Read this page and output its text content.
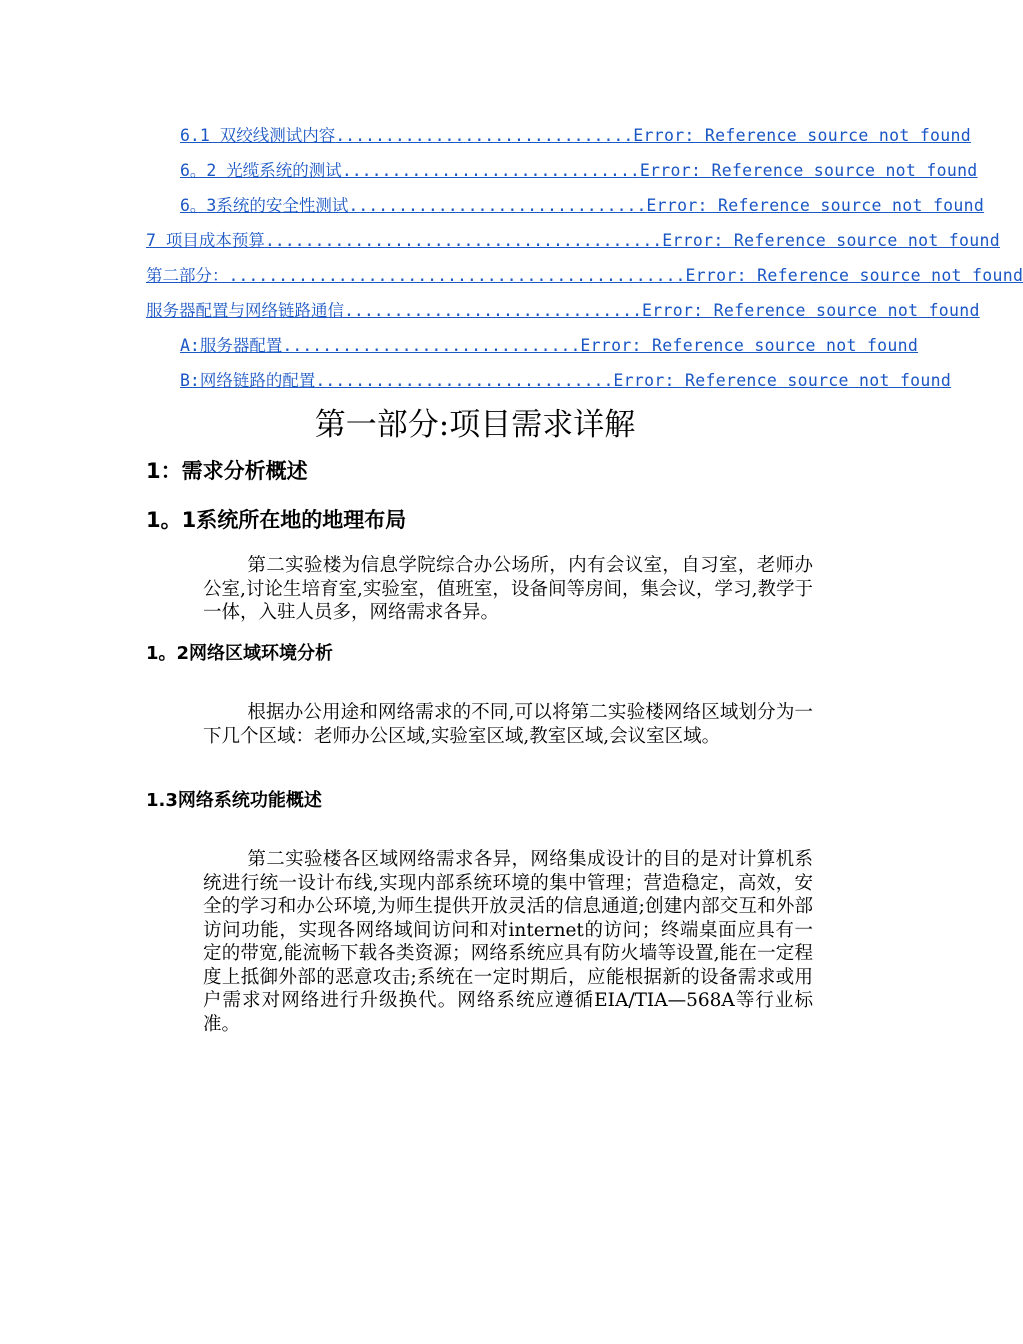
6.1 双绞线测试内容 .............................. Error: Reference source not found
6。2 光缆系统的测试 .............................. Error: Reference source not found
6。3系统的安全性测试 .............................. Error: Reference source not found
7 项目成本预算 ........................................ Error: Reference source not found
第二部分： .............................................. Error: Reference source not found
服务器配置与网络链路通信 .............................. Error: Reference source not found
A:服务器配置 .............................. Error: Reference source not found
B:网络链路的配置 .............................. Error: Reference source not found
第一部分:项目需求详解
1：需求分析概述
1。1系统所在地的地理布局
第二实验楼为信息学院综合办公场所，内有会议室，自习室，老师办公室,讨论生培育室,实验室，值班室，设备间等房间，集会议，学习,教学于一体，入驻人员多，网络需求各异。
1。2网络区域环境分析
根据办公用途和网络需求的不同,可以将第二实验楼网络区域划分为一下几个区域：老师办公区域,实验室区域,教室区域,会议室区域。
1.3网络系统功能概述
第二实验楼各区域网络需求各异，网络集成设计的目的是对计算机系统进行统一设计布线,实现内部系统环境的集中管理；营造稳定，高效，安全的学习和办公环境,为师生提供开放灵活的信息通道;创建内部交互和外部访问功能，实现各网络域间访问和对internet的访问；终端桌面应具有一定的带宽,能流畅下载各类资源；网络系统应具有防火墙等设置,能在一定程度上抵御外部的恶意攻击;系统在一定时期后，应能根据新的设备需求或用户需求对网络进行升级换代。网络系统应遵循EIA/TIA—568A等行业标准。
